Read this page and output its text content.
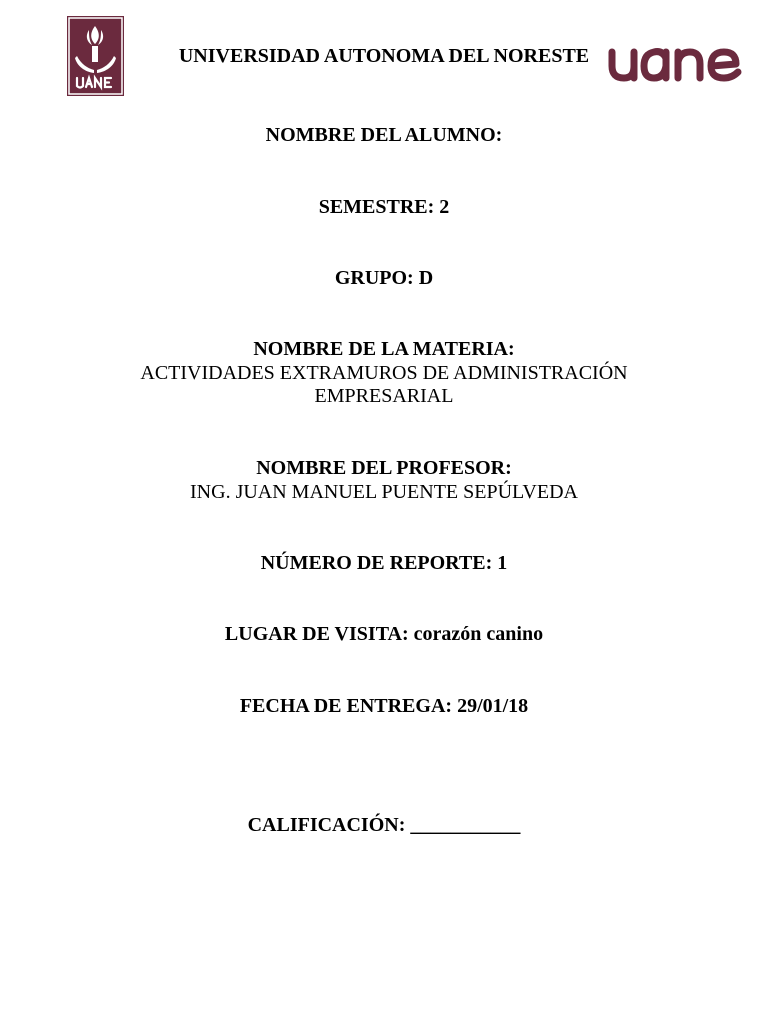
UNIVERSIDAD AUTONOMA DEL NORESTE
NOMBRE DEL ALUMNO:
SEMESTRE: 2
GRUPO: D
NOMBRE DE LA MATERIA:
ACTIVIDADES EXTRAMUROS DE ADMINISTRACIÓN
EMPRESARIAL
NOMBRE DEL PROFESOR:
ING. JUAN MANUEL PUENTE SEPÚLVEDA
NÚMERO DE REPORTE: 1
LUGAR DE VISITA: corazón canino
FECHA DE ENTREGA: 29/01/18
CALIFICACIÓN: ___________
